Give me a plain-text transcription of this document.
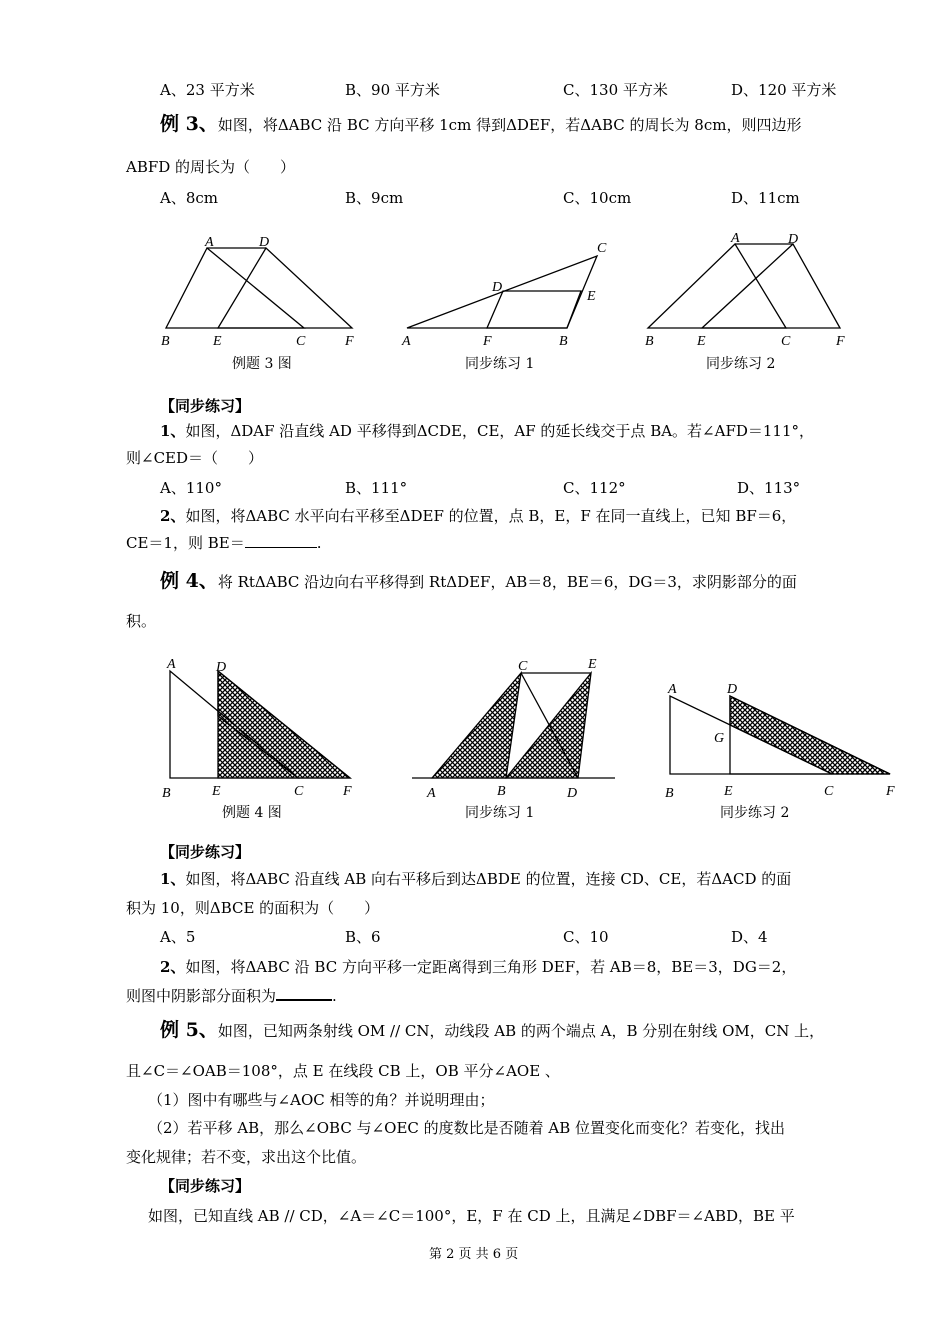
A	D
B	E	C	F
C
D
E
A	F	B
A	D
B	E	C	F
A	D
B	E	C	F
C	E
A	B	D
A	D
G
B	E	C	F
A、23 平方米	B、90 平方米	C、130 平方米	D、120 平方米
例 3、如图，将ΔABC 沿 BC 方向平移 1cm 得到ΔDEF，若ΔABC 的周长为 8cm，则四边形
ABFD 的周长为（　　）
A、8cm	B、9cm	C、10cm	D、11cm
例题 3 图	同步练习 1	同步练习 2
【同步练习】
1、如图，ΔDAF 沿直线 AD 平移得到ΔCDE，CE，AF 的延长线交于点 BA。若∠AFD＝111°，
则∠CED＝（　　）
A、110°	B、111°	C、112°	D、113°
2、如图，将ΔABC 水平向右平移至ΔDEF 的位置，点 B，E，F 在同一直线上，已知 BF＝6，
CE＝1，则 BE＝	.
例 4、将 RtΔABC 沿边向右平移得到 RtΔDEF，AB＝8，BE＝6，DG＝3，求阴影部分的面
积。
例题 4 图	同步练习 1	同步练习 2
【同步练习】
1、如图，将ΔABC 沿直线 AB 向右平移后到达ΔBDE 的位置，连接 CD、CE，若ΔACD 的面
积为 10，则ΔBCE 的面积为（　　）
A、5	B、6	C、10	D、4
2、如图，将ΔABC 沿 BC 方向平移一定距离得到三角形 DEF，若 AB＝8，BE＝3，DG＝2，
则图中阴影部分面积为	.
例 5、如图，已知两条射线 OM // CN，动线段 AB 的两个端点 A，B 分别在射线 OM，CN 上，
且∠C＝∠OAB＝108°，点 E 在线段 CB 上，OB 平分∠AOE 、
（1）图中有哪些与∠AOC 相等的角？并说明理由；
（2）若平移 AB，那么∠OBC 与∠OEC 的度数比是否随着 AB 位置变化而变化？若变化，找出
变化规律；若不变，求出这个比值。
【同步练习】
如图，已知直线 AB // CD，∠A＝∠C＝100°，E，F 在 CD 上，且满足∠DBF＝∠ABD，BE 平
第 2 页 共 6 页
